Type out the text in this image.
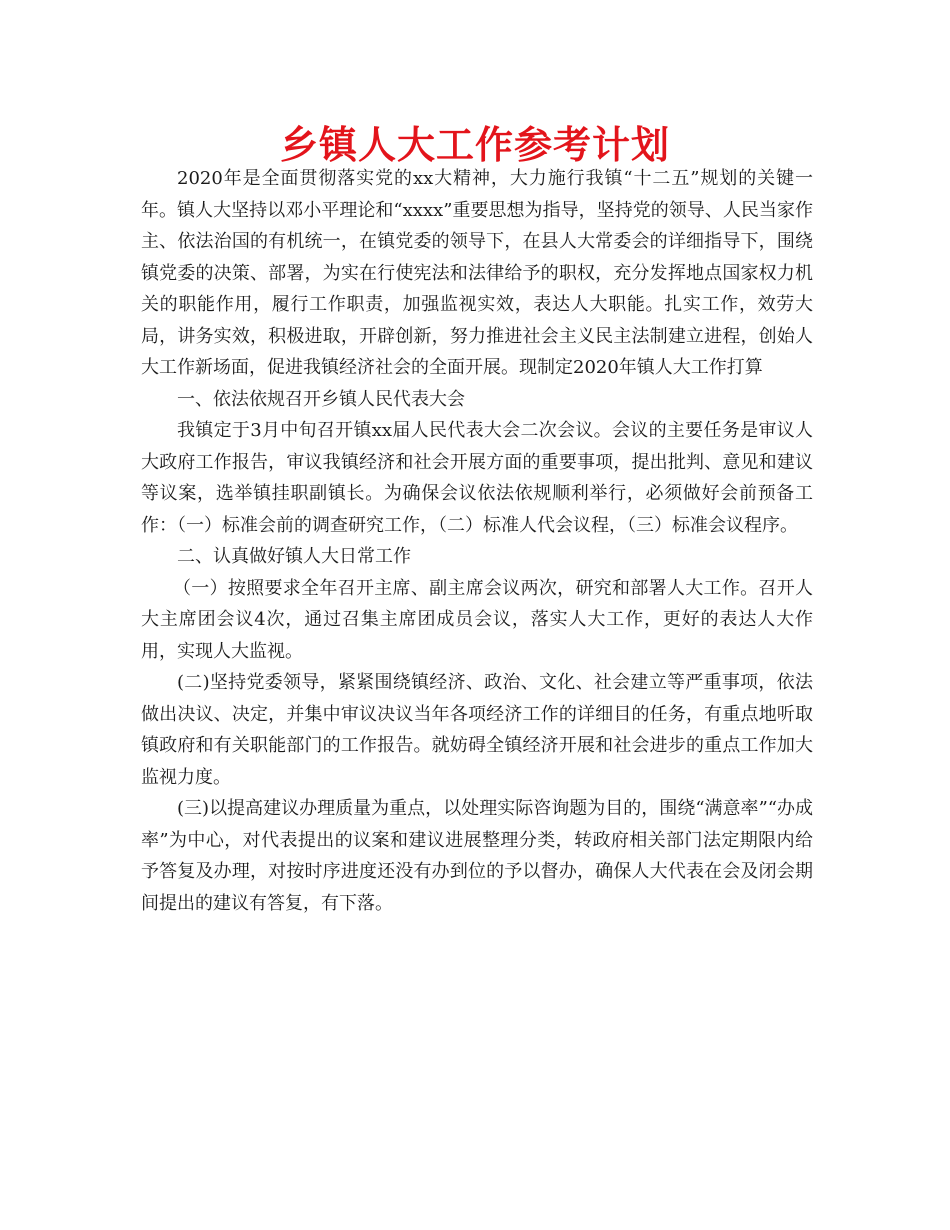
乡镇人大工作参考计划

2020年是全面贯彻落实党的xx大精神，大力施行我镇“十二五”规划的关键一年。镇人大坚持以邓小平理论和“xxxx”重要思想为指导，坚持党的领导、人民当家作主、依法治国的有机统一，在镇党委的领导下，在县人大常委会的详细指导下，围绕镇党委的决策、部署，为实在行使宪法和法律给予的职权，充分发挥地点国家权力机关的职能作用，履行工作职责，加强监视实效，表达人大职能。扎实工作，效劳大局，讲务实效，积极进取，开辟创新，努力推进社会主义民主法制建立进程，创始人大工作新场面，促进我镇经济社会的全面开展。现制定2020年镇人大工作打算

一、依法依规召开乡镇人民代表大会

我镇定于3月中旬召开镇xx届人民代表大会二次会议。会议的主要任务是审议人大政府工作报告，审议我镇经济和社会开展方面的重要事项，提出批判、意见和建议等议案，选举镇挂职副镇长。为确保会议依法依规顺利举行，必须做好会前预备工作：（一）标准会前的调查研究工作，（二）标准人代会议程，（三）标准会议程序。

二、认真做好镇人大日常工作

（一）按照要求全年召开主席、副主席会议两次，研究和部署人大工作。召开人大主席团会议4次，通过召集主席团成员会议，落实人大工作，更好的表达人大作用，实现人大监视。

(二)坚持党委领导，紧紧围绕镇经济、政治、文化、社会建立等严重事项，依法做出决议、决定，并集中审议决议当年各项经济工作的详细目的任务，有重点地听取镇政府和有关职能部门的工作报告。就妨碍全镇经济开展和社会进步的重点工作加大监视力度。

(三)以提高建议办理质量为重点，以处理实际咨询题为目的，围绕“满意率”“办成率”为中心，对代表提出的议案和建议进展整理分类，转政府相关部门法定期限内给予答复及办理，对按时序进度还没有办到位的予以督办，确保人大代表在会及闭会期间提出的建议有答复，有下落。
